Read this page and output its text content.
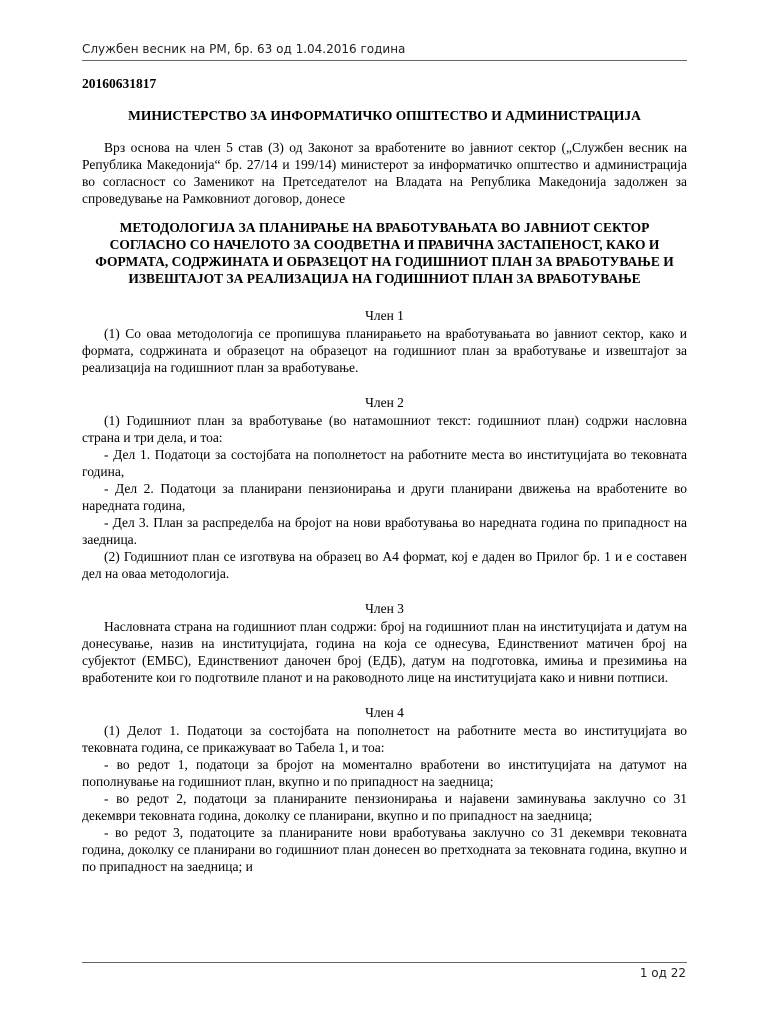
Службен весник на РМ, бр. 63 од 1.04.2016 година
20160631817
МИНИСТЕРСТВО ЗА ИНФОРМАТИЧКО ОПШТЕСТВО И АДМИНИСТРАЦИЈА

Врз основа на член 5 став (3) од Законот за вработените во јавниот сектор („Службен весник на Република Македонија“ бр. 27/14 и 199/14) министерот за информатичко општество и администрација во согласност со Заменикот на Претседателот на Владата на Република Македонија задолжен за спроведување на Рамковниот договор, донесе

МЕТОДОЛОГИЈА ЗА ПЛАНИРАЊЕ НА ВРАБОТУВАЊАТА ВО ЈАВНИОТ СЕКТОР СОГЛАСНО СО НАЧЕЛОТО ЗА СООДВЕТНА И ПРАВИЧНА ЗАСТАПЕНОСТ, КАКО И ФОРМАТА, СОДРЖИНАТА И ОБРАЗЕЦОТ НА ГОДИШНИОТ ПЛАН ЗА ВРАБОТУВАЊЕ И ИЗВЕШТАЈОТ ЗА РЕАЛИЗАЦИЈА НА ГОДИШНИОТ ПЛАН ЗА ВРАБОТУВАЊЕ
Член 1

(1) Со оваа методологија се пропишува планирањето на вработувањата во јавниот сектор, како и формата, содржината и образецот на образецот на годишниот план за вработување и извештајот за реализација на годишниот план за вработување.

Член 2

(1) Годишниот план за вработување (во натамошниот текст: годишниот план) содржи насловна страна и три дела, и тоа:

- Дел 1. Податоци за состојбата на пополнетост на работните места во институцијата во тековната година,

- Дел 2. Податоци за планирани пензионирања и други планирани движења на вработените во наредната година,

- Дел 3. План за распределба на бројот на нови вработувања во наредната година по припадност на заедница.

(2) Годишниот план се изготвува на образец во А4 формат, кој е даден во Прилог бр. 1 и е составен дел на оваа методологија.

Член 3

Насловната страна на годишниот план содржи: број на годишниот план на институцијата и датум на донесување, назив на институцијата, година на која се однесува, Единствениот матичен број на субјектот (ЕМБС), Единствениот даночен број (ЕДБ), датум на подготовка, имиња и презимиња на вработените кои го подготвиле планот и на раководното лице на институцијата како и нивни потписи.

Член 4

(1) Делот 1. Податоци за состојбата на пополнетост на работните места во институцијата во тековната година, се прикажуваат во Табела 1, и тоа:

- во редот 1, податоци за бројот на моментално вработени во институцијата на датумот на пополнување на годишниот план, вкупно и по припадност на заедница;

- во редот 2, податоци за планираните пензионирања и најавени заминувања заклучно со 31 декември тековната година, доколку се планирани, вкупно и по припадност на заедница;

- во редот 3, податоците за планираните нови вработувања заклучно со 31 декември тековната година, доколку се планирани во годишниот план донесен во претходната за тековната година, вкупно и по припадност на заедница; и

1 од 22
